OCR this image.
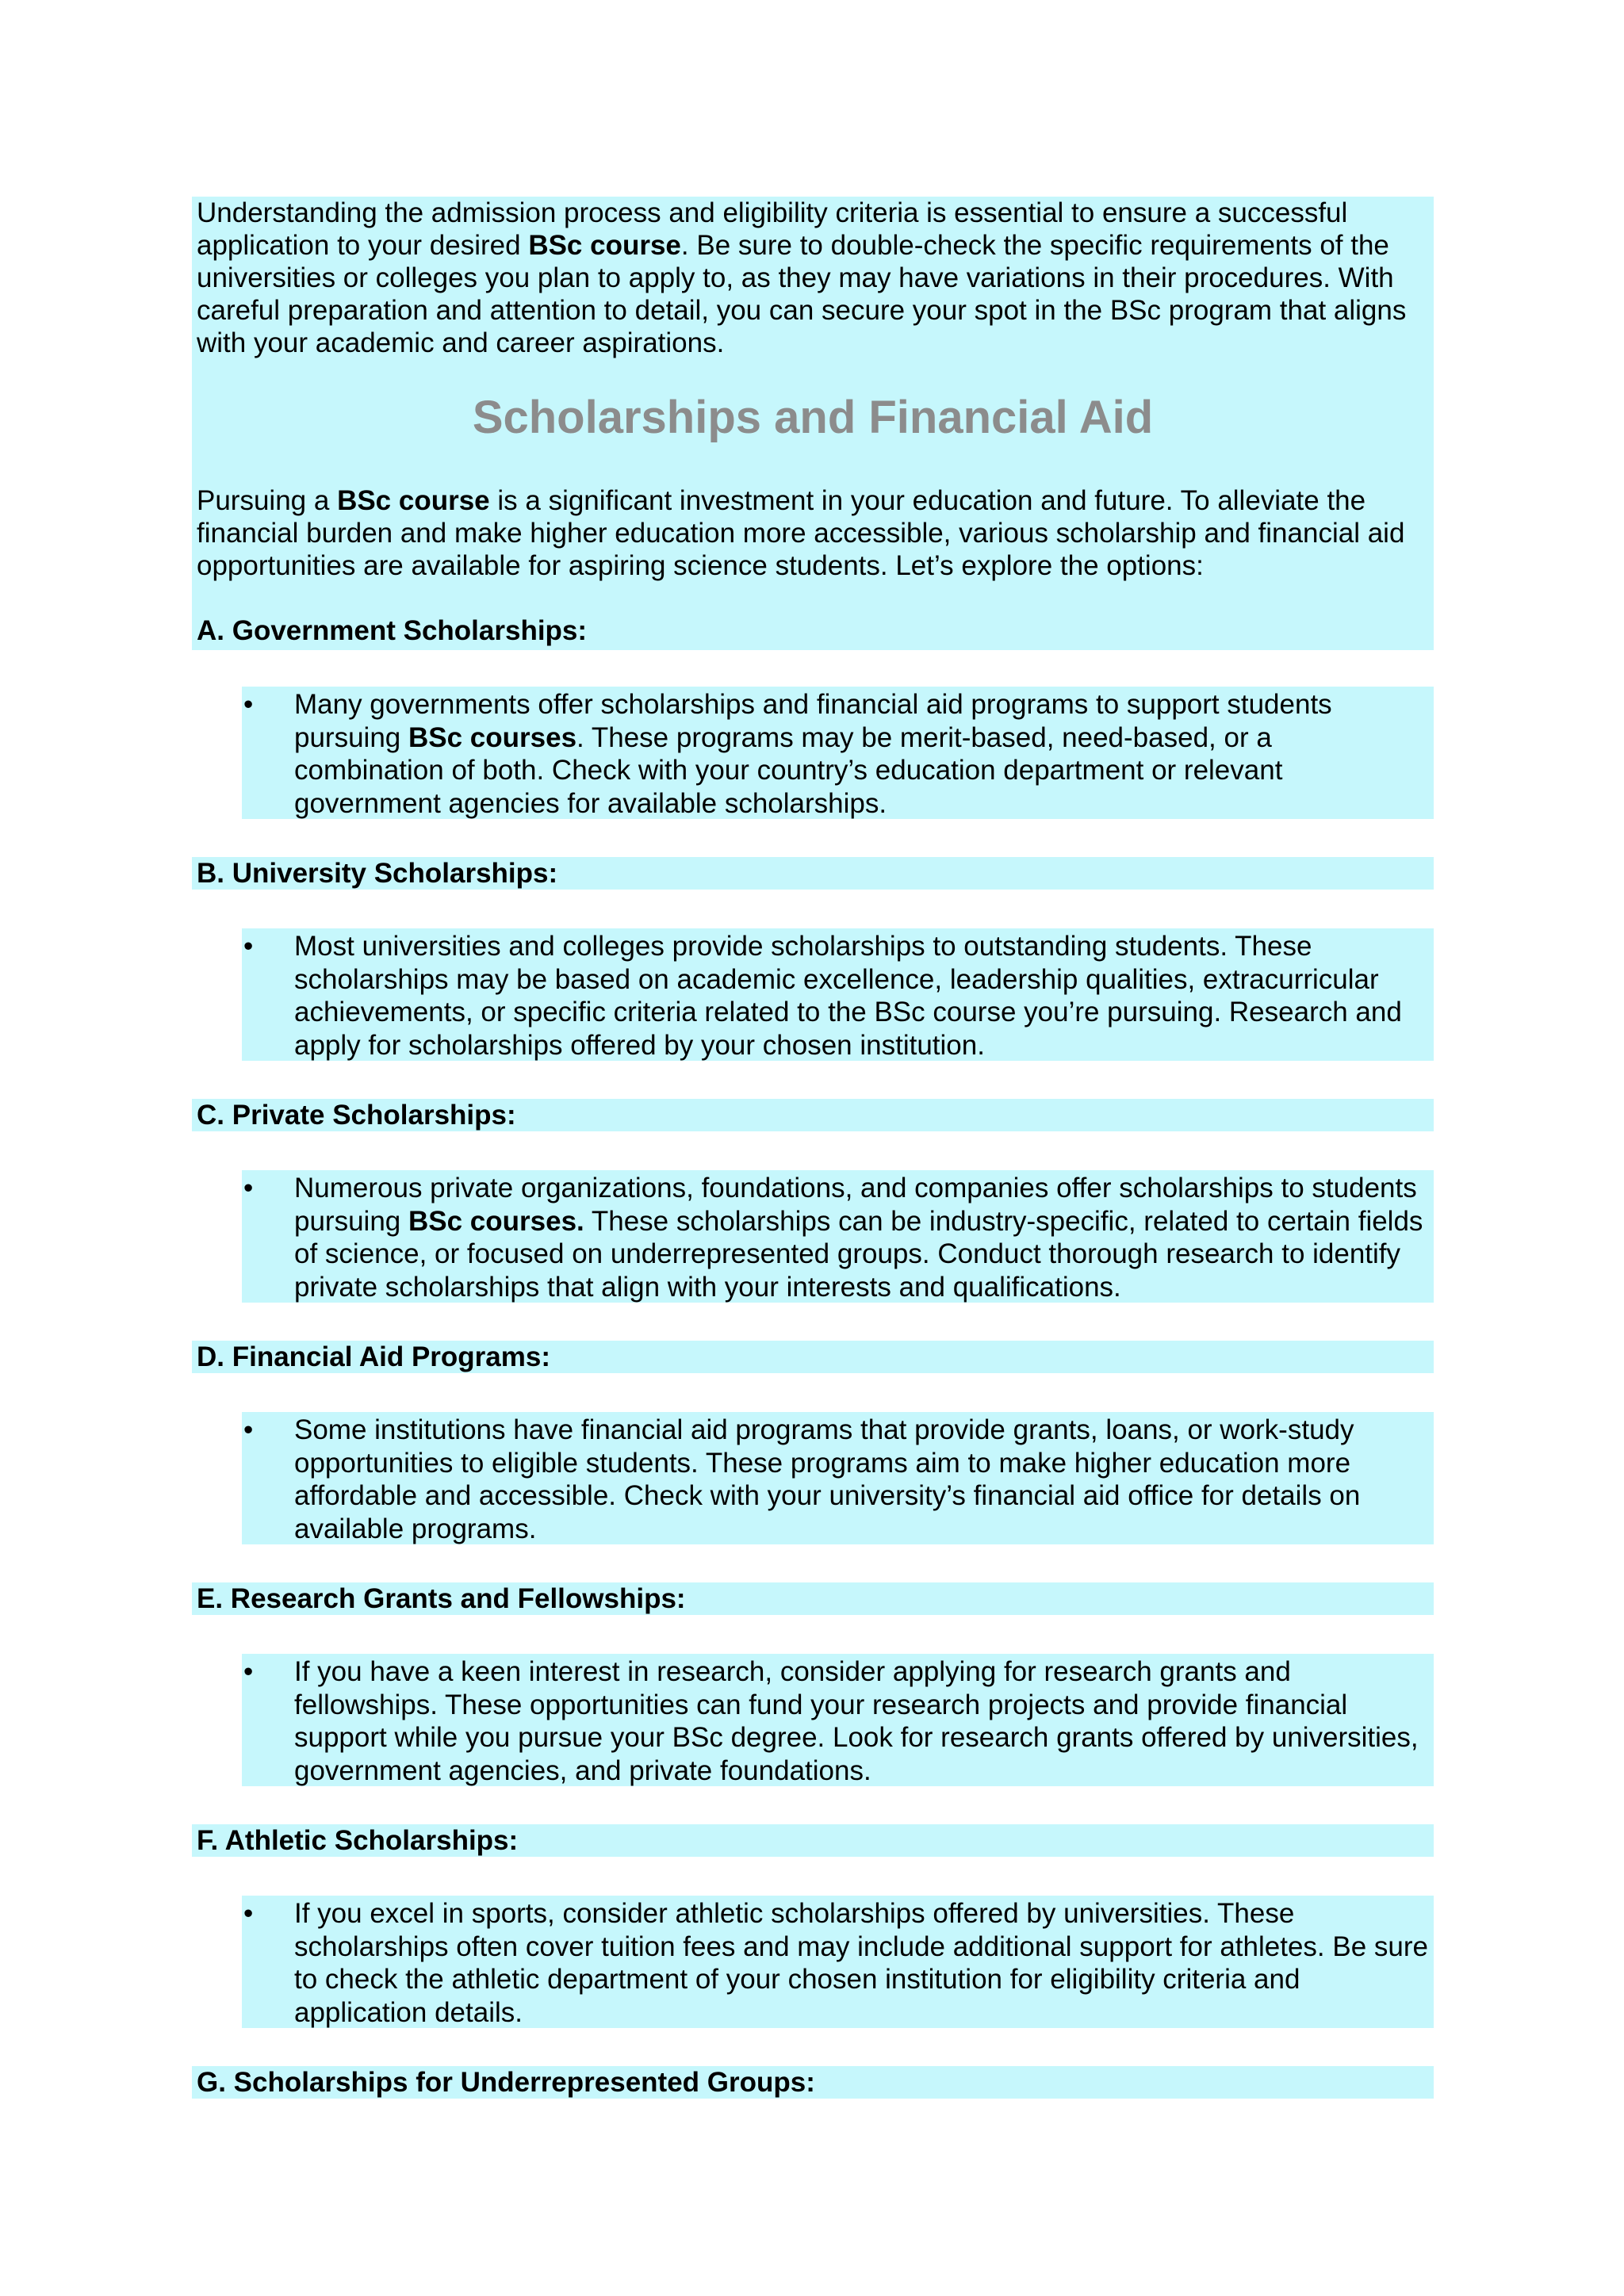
Understanding the admission process and eligibility criteria is essential to ensure a successful application to your desired BSc course. Be sure to double-check the specific requirements of the universities or colleges you plan to apply to, as they may have variations in their procedures. With careful preparation and attention to detail, you can secure your spot in the BSc program that aligns with your academic and career aspirations.

Scholarships and Financial Aid

Pursuing a BSc course is a significant investment in your education and future. To alleviate the financial burden and make higher education more accessible, various scholarship and financial aid opportunities are available for aspiring science students. Let’s explore the options:

A. Government Scholarships:
• Many governments offer scholarships and financial aid programs to support students pursuing BSc courses. These programs may be merit-based, need-based, or a combination of both. Check with your country’s education department or relevant government agencies for available scholarships.

B. University Scholarships:
• Most universities and colleges provide scholarships to outstanding students. These scholarships may be based on academic excellence, leadership qualities, extracurricular achievements, or specific criteria related to the BSc course you’re pursuing. Research and apply for scholarships offered by your chosen institution.

C. Private Scholarships:
• Numerous private organizations, foundations, and companies offer scholarships to students pursuing BSc courses. These scholarships can be industry-specific, related to certain fields of science, or focused on underrepresented groups. Conduct thorough research to identify private scholarships that align with your interests and qualifications.

D. Financial Aid Programs:
• Some institutions have financial aid programs that provide grants, loans, or work-study opportunities to eligible students. These programs aim to make higher education more affordable and accessible. Check with your university’s financial aid office for details on available programs.

E. Research Grants and Fellowships:
• If you have a keen interest in research, consider applying for research grants and fellowships. These opportunities can fund your research projects and provide financial support while you pursue your BSc degree. Look for research grants offered by universities, government agencies, and private foundations.

F. Athletic Scholarships:
• If you excel in sports, consider athletic scholarships offered by universities. These scholarships often cover tuition fees and may include additional support for athletes. Be sure to check the athletic department of your chosen institution for eligibility criteria and application details.

G. Scholarships for Underrepresented Groups:
